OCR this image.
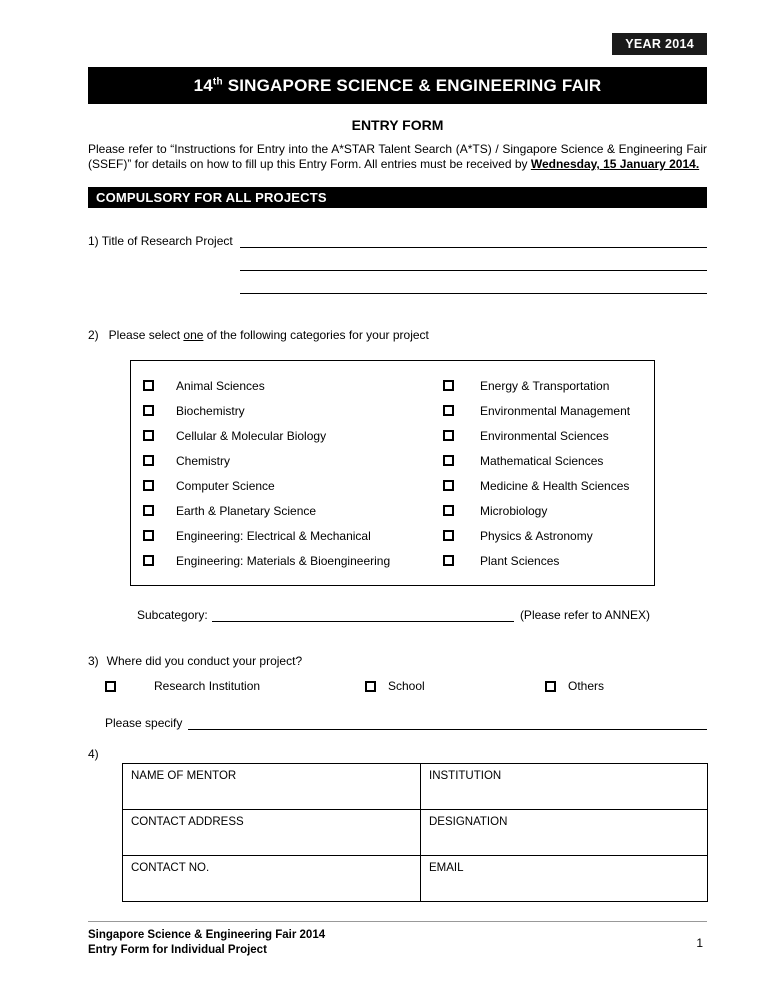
YEAR 2014
14th SINGAPORE SCIENCE & ENGINEERING FAIR
ENTRY FORM

Please refer to “Instructions for Entry into the A*STAR Talent Search (A*TS) / Singapore Science & Engineering Fair (SSEF)” for details on how to fill up this Entry Form. All entries must be received by Wednesday, 15 January 2014.

COMPULSORY FOR ALL PROJECTS
1) Title of Research Project
2) Please select one of the following categories for your project
Animal Sciences
Biochemistry
Cellular & Molecular Biology
Chemistry
Computer Science
Earth & Planetary Science
Engineering: Electrical & Mechanical
Engineering: Materials & Bioengineering
Energy & Transportation
Environmental Management
Environmental Sciences
Mathematical Sciences
Medicine & Health Sciences
Microbiology
Physics & Astronomy
Plant Sciences
Subcategory:	(Please refer to ANNEX)
3) Where did you conduct your project?
Research Institution	School	Others
Please specify
4)
NAME OF MENTOR	INSTITUTION
CONTACT ADDRESS	DESIGNATION
CONTACT NO.	EMAIL
Singapore Science & Engineering Fair 2014
Entry Form for Individual Project	1
